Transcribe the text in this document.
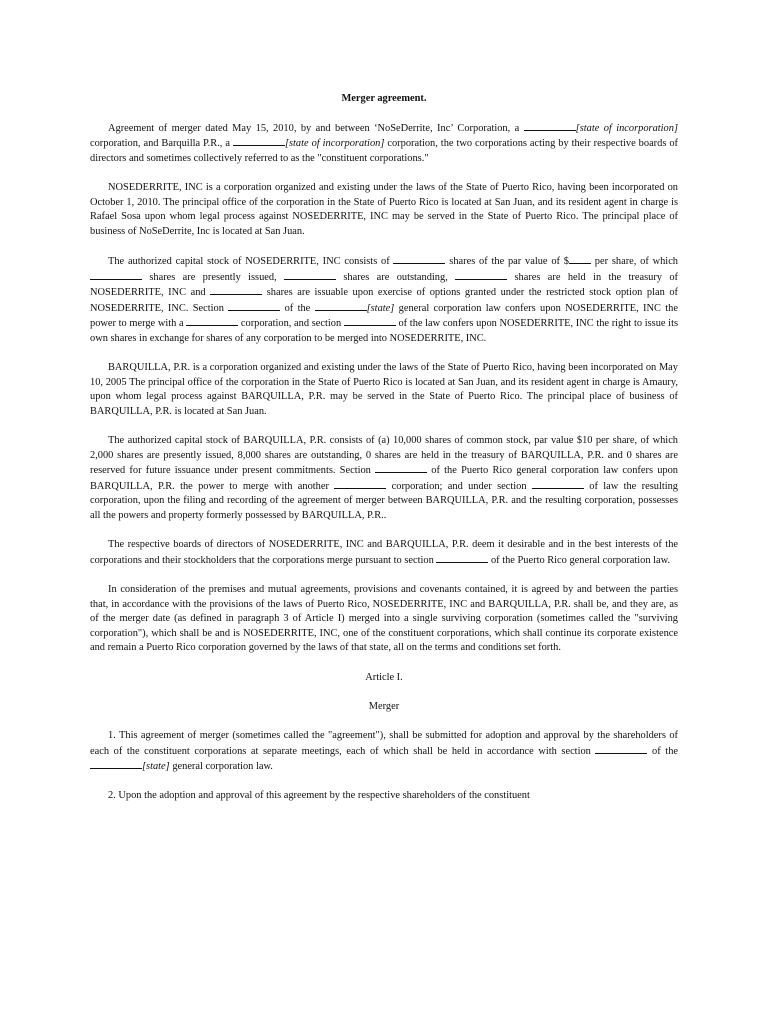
Merger agreement.

Agreement of merger dated May 15, 2010, by and between ‘NoSeDerrite, Inc’ Corporation, a	[state of incorporation] corporation, and Barquilla P.R., a	[state of incorporation] corporation, the two corporations acting by their respective boards of directors and sometimes collectively referred to as the "constituent corporations."

NOSEDERRITE, INC is a corporation organized and existing under the laws of the State of Puerto Rico, having been incorporated on October 1, 2010. The principal office of the corporation in the State of Puerto Rico is located at San Juan, and its resident agent in charge is Rafael Sosa upon whom legal process against NOSEDERRITE, INC may be served in the State of Puerto Rico. The principal place of business of NoSeDerrite, Inc is located at San Juan.

The authorized capital stock of NOSEDERRITE, INC consists of	shares of the par value of $ per share, of which  shares are presently issued,	shares are outstanding,	shares are held in the treasury of NOSEDERRITE, INC and	shares are issuable upon exercise of options granted under the restricted stock option plan of NOSEDERRITE, INC. Section	of the	[state] general corporation law confers upon NOSEDERRITE, INC the power to merge with a	corporation, and section	of the law confers upon NOSEDERRITE, INC the right to issue its own shares in exchange for shares of any corporation to be merged into NOSEDERRITE, INC.

BARQUILLA, P.R. is a corporation organized and existing under the laws of the State of Puerto Rico, having been incorporated on May 10, 2005 The principal office of the corporation in the State of Puerto Rico is located at San Juan, and its resident agent in charge is Amaury, upon whom legal process against BARQUILLA, P.R. may be served in the State of Puerto Rico. The principal place of business of BARQUILLA, P.R. is located at San Juan.

The authorized capital stock of BARQUILLA, P.R. consists of (a) 10,000 shares of common stock, par value $10 per share, of which 2,000 shares are presently issued, 8,000 shares are outstanding, 0 shares are held in the treasury of BARQUILLA, P.R. and 0 shares are reserved for future issuance under present commitments. Section	of the Puerto Rico general corporation law confers upon BARQUILLA, P.R. the power to merge with another	corporation; and under section	of law the resulting corporation, upon the filing and recording of the agreement of merger between BARQUILLA, P.R. and the resulting corporation, possesses all the powers and property formerly possessed by BARQUILLA, P.R..

The respective boards of directors of NOSEDERRITE, INC and BARQUILLA, P.R. deem it desirable and in the best interests of the corporations and their stockholders that the corporations merge pursuant to section	of the Puerto Rico general corporation law.

In consideration of the premises and mutual agreements, provisions and covenants contained, it is agreed by and between the parties that, in accordance with the provisions of the laws of Puerto Rico, NOSEDERRITE, INC and BARQUILLA, P.R. shall be, and they are, as of the merger date (as defined in paragraph 3 of Article I) merged into a single surviving corporation (sometimes called the "surviving corporation"), which shall be and is NOSEDERRITE, INC, one of the constituent corporations, which shall continue its corporate existence and remain a Puerto Rico corporation governed by the laws of that state, all on the terms and conditions set forth.

Article I.

Merger

1. This agreement of merger (sometimes called the "agreement"), shall be submitted for adoption and approval by the shareholders of each of the constituent corporations at separate meetings, each of which shall be held in accordance with section	of the [state] general corporation law.

2. Upon the adoption and approval of this agreement by the respective shareholders of the constituent
